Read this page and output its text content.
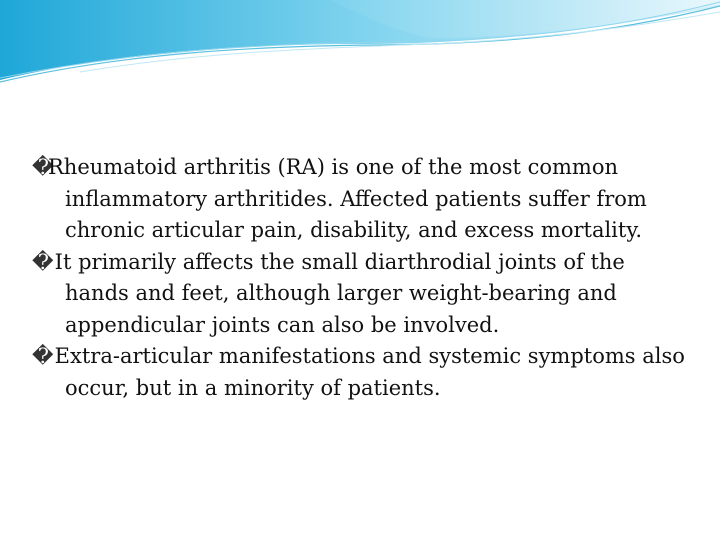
�Rheumatoid arthritis (RA) is one of the most common inflammatory arthritides. Affected patients suffer from chronic articular pain, disability, and excess mortality.

� It primarily affects the small diarthrodial joints of the hands and feet, although larger weight-bearing and appendicular joints can also be involved.

� Extra-articular manifestations and systemic symptoms also occur, but in a minority of patients.
